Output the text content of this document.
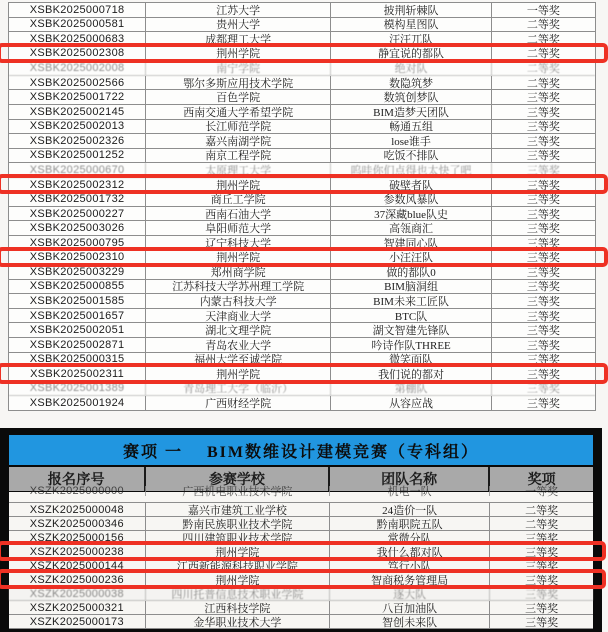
XSBK2025000718	江苏大学	披荆斩棘队	一等奖
XSBK2025000581	贵州大学	模构星图队	二等奖
XSBK2025000683	成都理工大学	汪汪兀队	二等奖
XSBK2025002308	荆州学院	静宜说的都队	二等奖
XSBK2025002008	南宁学院	绝对队	二等奖
XSBK2025002566	鄂尔多斯应用技术学院	数隐筑梦	二等奖
XSBK2025001722	百色学院	数筑创梦队	三等奖
XSBK2025002145	西南交通大学希望学院	BIM造梦天团队	三等奖
XSBK2025002013	长江师范学院	畅通五组	三等奖
XSBK2025002326	嘉兴南湖学院	lose谁手	三等奖
XSBK2025001252	南京工程学院	吃饭不排队	三等奖
XSBK2025000670	太原理工大学	呜哇你们点得也太快了吧	三等奖
XSBK2025002312	荆州学院	破壁者队	三等奖
XSBK2025001732	商丘工学院	参数风暴队	三等奖
XSBK2025000227	西南石油大学	37深藏blue队史	三等奖
XSBK2025003026	阜阳师范大学	高瓴商汇	三等奖
XSBK2025000795	辽宁科技大学	智建同心队	三等奖
XSBK2025002310	荆州学院	小汪汪队	三等奖
XSBK2025003229	郑州商学院	做的都队0	三等奖
XSBK2025000855	江苏科技大学苏州理工学院	BIM脑洞组	三等奖
XSBK2025001585	内蒙古科技大学	BIM未来工匠队	三等奖
XSBK2025001657	天津商业大学	BTC队	三等奖
XSBK2025002051	湖北文理学院	湖文智建先锋队	三等奖
XSBK2025002871	青岛农业大学	吟诗作队THREE	三等奖
XSBK2025000315	福州大学至诚学院	微笑面队	三等奖
XSBK2025002311	荆州学院	我们说的都对	三等奖
XSBK2025001389	青岛理工大学（临沂）	第棚队	三等奖
XSBK2025001924	广西财经学院	从容应战	三等奖
赛项 一　 BIM数维设计建模竞赛（专科组）
报名序号	参赛学校	团队名称	奖项
XSZK2025000000	广西机电职业技术学院	机电一队	一等奖
XSZK2025000048	嘉兴市建筑工业学校	24造价一队	二等奖
XSZK2025000346	黔南民族职业技术学院	黔南职院五队	二等奖
XSZK2025000156	四川建筑职业技术学院	常微分队	三等奖
XSZK2025000238	荆州学院	我什么都对队	三等奖
XSZK2025000144	江西新能源科技职业学院	笃行小队	三等奖
XSZK2025000236	荆州学院	智商税务管理局	三等奖
XSZK2025000038	四川托普信息技术职业学院	逐大队	三等奖
XSZK2025000321	江西科技学院	八百加油队	三等奖
XSZK2025000173	金华职业技术大学	智创未来队	三等奖
